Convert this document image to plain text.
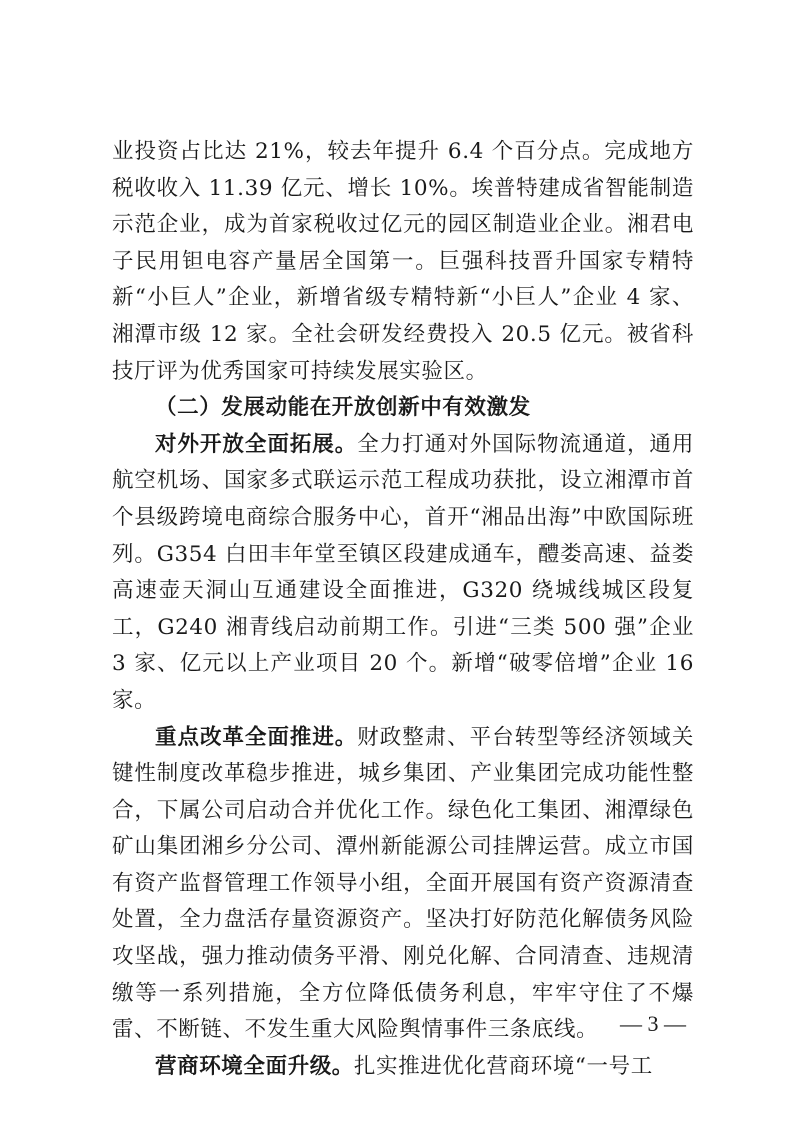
业投资占比达 21%，较去年提升 6.4 个百分点。完成地方税收收入 11.39 亿元、增长 10%。埃普特建成省智能制造示范企业，成为首家税收过亿元的园区制造业企业。湘君电子民用钽电容产量居全国第一。巨强科技晋升国家专精特新“小巨人”企业，新增省级专精特新“小巨人”企业 4 家、湘潭市级 12 家。全社会研发经费投入 20.5 亿元。被省科技厅评为优秀国家可持续发展实验区。

（二）发展动能在开放创新中有效激发

对外开放全面拓展。全力打通对外国际物流通道，通用航空机场、国家多式联运示范工程成功获批，设立湘潭市首个县级跨境电商综合服务中心，首开“湘品出海”中欧国际班列。G354 白田丰年堂至镇区段建成通车，醴娄高速、益娄高速壶天洞山互通建设全面推进，G320 绕城线城区段复工，G240 湘青线启动前期工作。引进“三类 500 强”企业 3 家、亿元以上产业项目 20 个。新增“破零倍增”企业 16 家。

重点改革全面推进。财政整肃、平台转型等经济领域关键性制度改革稳步推进，城乡集团、产业集团完成功能性整合，下属公司启动合并优化工作。绿色化工集团、湘潭绿色矿山集团湘乡分公司、潭州新能源公司挂牌运营。成立市国有资产监督管理工作领导小组，全面开展国有资产资源清查处置，全力盘活存量资源资产。坚决打好防范化解债务风险攻坚战，强力推动债务平滑、刚兑化解、合同清查、违规清缴等一系列措施，全方位降低债务利息，牢牢守住了不爆雷、不断链、不发生重大风险舆情事件三条底线。

营商环境全面升级。扎实推进优化营商环境“一号工

— 3 —
